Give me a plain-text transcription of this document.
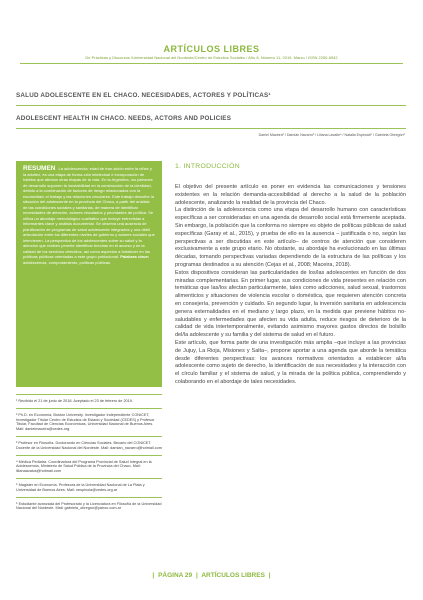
ARTÍCULOS LIBRES
De Prácticas y Discursos /Universidad Nacional del Nordeste/Centro de Estudios Sociales / Año 8, Número 11, 2019, Marzo / ISSN 2250-6942
SALUD ADOLESCENTE EN EL CHACO. NECESIDADES, ACTORES Y POLÍTICAS¹
ADOLESCENT HEALTH IN CHACO. NEEDS, ACTORS AND POLICIES
Daniel Maceira² / Damián Navarro³ / Liliana Lavalle⁴ / Natalia Espinola⁵ / Gabriela Obregón⁶
RESUMEN La adolescencia, edad de tran-sición entre la niñez y la adultez, es una etapa de forma-ción intelectual e incorporación de hábitos que afectan otras etapas de la vida. En la Argentina, los patrones de desarrollo suponen la inestabilidad en la construcción de la identidad, debido a la combinación de factores de riesgo relacionados con la escolaridad, el trabajo y las relaciones vinculares. Este trabajo describe la situación del adolescente en la provincia del Chaco, a partir del análisis de las condiciones sociales y sanitarias, de manera de identificar necesidades de atención, actores vinculados y prioridades de política. Se utiliza un abordaje metodológico cualitativo que incluye entrevistas a informantes clave y análisis documental. Se observa una ausencia de planificación de programas de salud adolescente integrados y una débil articulación entre los diferentes niveles de gobierno y actores sociales que intervienen. La perspectiva de los adolescentes sobre su salud y la atención que reciben permite identificar brechas en el acceso y en la calidad de los servicios ofrecidos, así como aspectos a fortalecer en las políticas públicas orientadas a este grupo poblacional. Palabras clave: adolescencia, comportamiento, políticas públicas.

¹ Recibido el 21 de junio de 2018. Aceptado el 23 de febrero de 2019.

² Ph.D. en Economía, Boston University. Investigador Independiente CONICET, Investigador Titular Centro de Estudios de Estado y Sociedad (CEDES) y Profesor Titular, Facultad de Ciencias Económicas, Universidad Nacional de Buenos Aires. Mail: danielmaceira@cedes.org.

³ Profesor en Filosofía. Doctorando en Ciencias Sociales. Becario del CONICET. Docente de la Universidad Nacional del Nordeste. Mail: damian_navarro@hotmail.com

⁴ Médica Pediatra. Coordinadora del Programa Provincial de Salud Integral en la Adolescencia, Ministerio de Salud Pública de la Provincia del Chaco. Mail: lilianaavalos@hotmail.com

⁵ Magister en Economía. Profesora de la Universidad Nacional de La Plata y Universidad de Buenos Aires. Mail: nespinola@cedes.org.ar

⁶ Estudiante avanzada del Profesorado y la Licenciatura en Filosofía de la Universidad Nacional del Nordeste. Mail: gabriela_obregon@yahoo.com.ar

1. INTRODUCCIÓN

El objetivo del presente artículo es poner en evidencia las comunicaciones y tensiones existentes en la relación demanda-accesibilidad al derecho a la salud de la población adolescente, analizando la realidad de la provincia del Chaco.

La distinción de la adolescencia como una etapa del desarrollo humano con características específicas a ser consideradas en una agenda de desarrollo social está firmemente aceptada. Sin embargo, la población que la conforma no siempre es objeto de políticas públicas de salud específicas (Garay et al., 2015), y prueba de ello es la ausencia – justificada o no, según las perspectivas a ser discutidas en este artículo– de centros de atención que consideren exclusivamente a este grupo etario. No obstante, su abordaje ha evolucionado en las últimas décadas, tomando perspectivas variadas dependiendo de la estructura de las políticas y los programas destinados a su atención (Cejas et al., 2008; Maceira, 2018).

Estos dispositivos consideran las particularidades de los/las adolescentes en función de dos miradas complementarias. En primer lugar, sus condiciones de vida presentes en relación con temáticas que las/los afectan particularmente, tales como adicciones, salud sexual, trastornos alimenticios y situaciones de violencia escolar o doméstica, que requieren atención concreta en consejería, prevención y cuidado. En segundo lugar, la inversión sanitaria en adolescencia genera externalidades en el mediano y largo plazo, en la medida que previene hábitos no-saludables y enfermedades que afecten su vida adulta, reduce riesgos de deterioro de la calidad de vida intertemporalmente, evitando asimismo mayores gastos directos de bolsillo del/la adolescente y su familia y del sistema de salud en el futuro.

Este artículo, que forma parte de una investigación más amplia –que incluye a las provincias de Jujuy, La Rioja, Misiones y Salta–, propone aportar a una agenda que aborde la temática desde diferentes perspectivas: los avances normativos orientados a establecer al/la adolescente como sujeto de derecho, la identificación de sus necesidades y la interacción con el círculo familiar y el sistema de salud, y la mirada de la política pública, comprendiendo y colaborando en el abordaje de tales necesidades.

| PÁGINA 29 | ARTÍCULOS LIBRES |
